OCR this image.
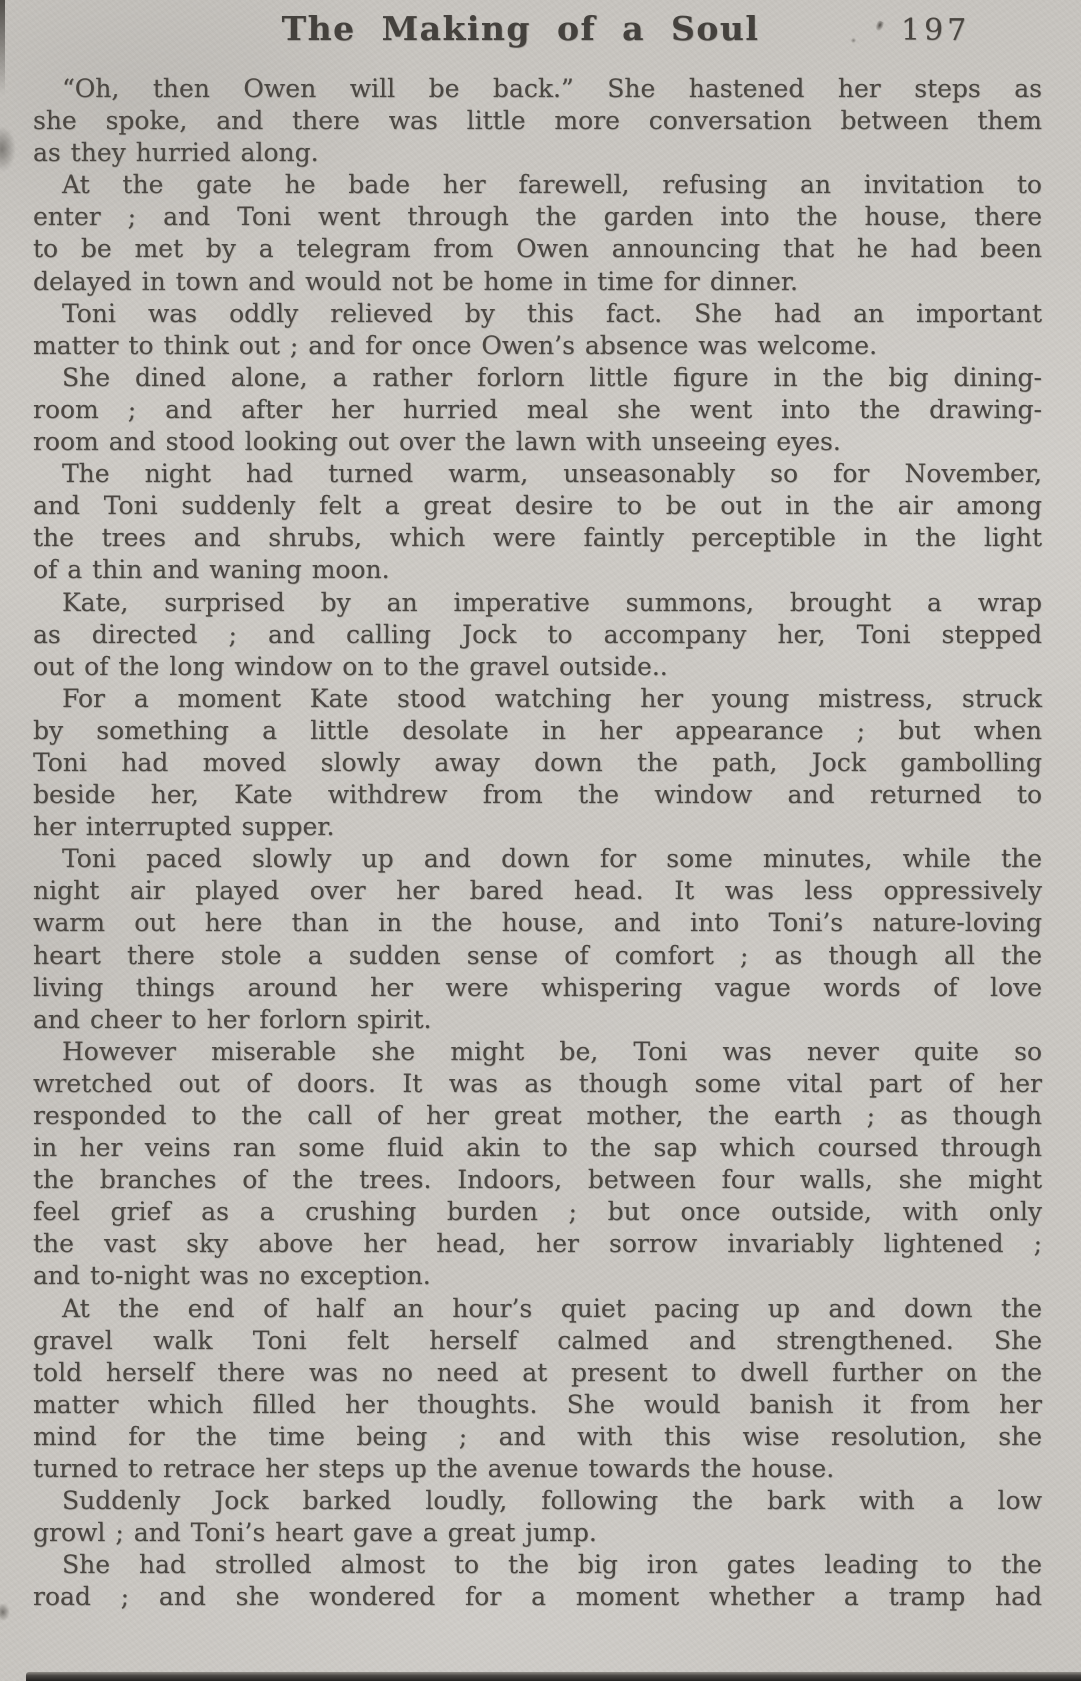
The Making of a Soul	197
“Oh, then Owen will be back.” She hastened her steps as
she spoke, and there was little more conversation between them
as they hurried along.
At the gate he bade her farewell, refusing an invitation to
enter ; and Toni went through the garden into the house, there
to be met by a telegram from Owen announcing that he had been
delayed in town and would not be home in time for dinner.
Toni was oddly relieved by this fact. She had an important
matter to think out ; and for once Owen’s absence was welcome.
She dined alone, a rather forlorn little figure in the big dining-
room ; and after her hurried meal she went into the drawing-
room and stood looking out over the lawn with unseeing eyes.
The night had turned warm, unseasonably so for November,
and Toni suddenly felt a great desire to be out in the air among
the trees and shrubs, which were faintly perceptible in the light
of a thin and waning moon.
Kate, surprised by an imperative summons, brought a wrap
as directed ; and calling Jock to accompany her, Toni stepped
out of the long window on to the gravel outside..
For a moment Kate stood watching her young mistress, struck
by something a little desolate in her appearance ; but when
Toni had moved slowly away down the path, Jock gambolling
beside her, Kate withdrew from the window and returned to
her interrupted supper.
Toni paced slowly up and down for some minutes, while the
night air played over her bared head. It was less oppressively
warm out here than in the house, and into Toni’s nature-loving
heart there stole a sudden sense of comfort ; as though all the
living things around her were whispering vague words of love
and cheer to her forlorn spirit.
However miserable she might be, Toni was never quite so
wretched out of doors. It was as though some vital part of her
responded to the call of her great mother, the earth ; as though
in her veins ran some fluid akin to the sap which coursed through
the branches of the trees. Indoors, between four walls, she might
feel grief as a crushing burden ; but once outside, with only
the vast sky above her head, her sorrow invariably lightened ;
and to-night was no exception.
At the end of half an hour’s quiet pacing up and down the
gravel walk Toni felt herself calmed and strengthened. She
told herself there was no need at present to dwell further on the
matter which filled her thoughts. She would banish it from her
mind for the time being ; and with this wise resolution, she
turned to retrace her steps up the avenue towards the house.
Suddenly Jock barked loudly, following the bark with a low
growl ; and Toni’s heart gave a great jump.
She had strolled almost to the big iron gates leading to the
road ; and she wondered for a moment whether a tramp had
